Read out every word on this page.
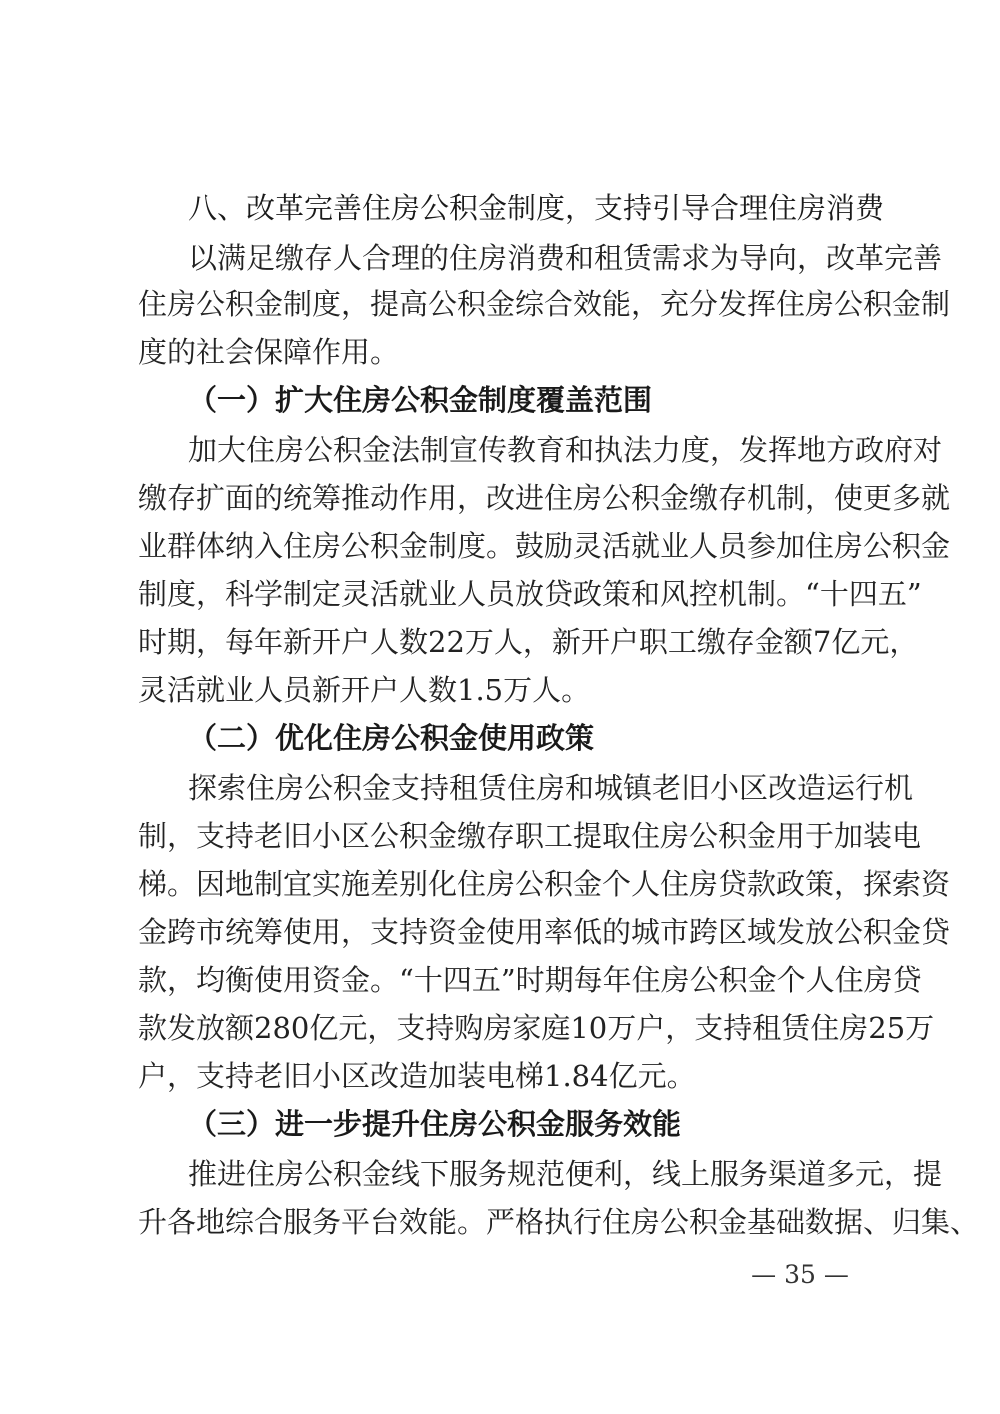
八、改革完善住房公积金制度，支持引导合理住房消费
以满足缴存人合理的住房消费和租赁需求为导向，改革完善
住房公积金制度，提高公积金综合效能，充分发挥住房公积金制
度的社会保障作用。
（一）扩大住房公积金制度覆盖范围
加大住房公积金法制宣传教育和执法力度，发挥地方政府对
缴存扩面的统筹推动作用，改进住房公积金缴存机制，使更多就
业群体纳入住房公积金制度。鼓励灵活就业人员参加住房公积金
制度，科学制定灵活就业人员放贷政策和风控机制。“十四五”
时期，每年新开户人数22万人，新开户职工缴存金额7亿元，
灵活就业人员新开户人数1.5万人。
（二）优化住房公积金使用政策
探索住房公积金支持租赁住房和城镇老旧小区改造运行机
制，支持老旧小区公积金缴存职工提取住房公积金用于加装电
梯。因地制宜实施差别化住房公积金个人住房贷款政策，探索资
金跨市统筹使用，支持资金使用率低的城市跨区域发放公积金贷
款，均衡使用资金。“十四五”时期每年住房公积金个人住房贷
款发放额280亿元，支持购房家庭10万户，支持租赁住房25万
户，支持老旧小区改造加装电梯1.84亿元。
（三）进一步提升住房公积金服务效能
推进住房公积金线下服务规范便利，线上服务渠道多元，提
升各地综合服务平台效能。严格执行住房公积金基础数据、归集、
— 35 —
